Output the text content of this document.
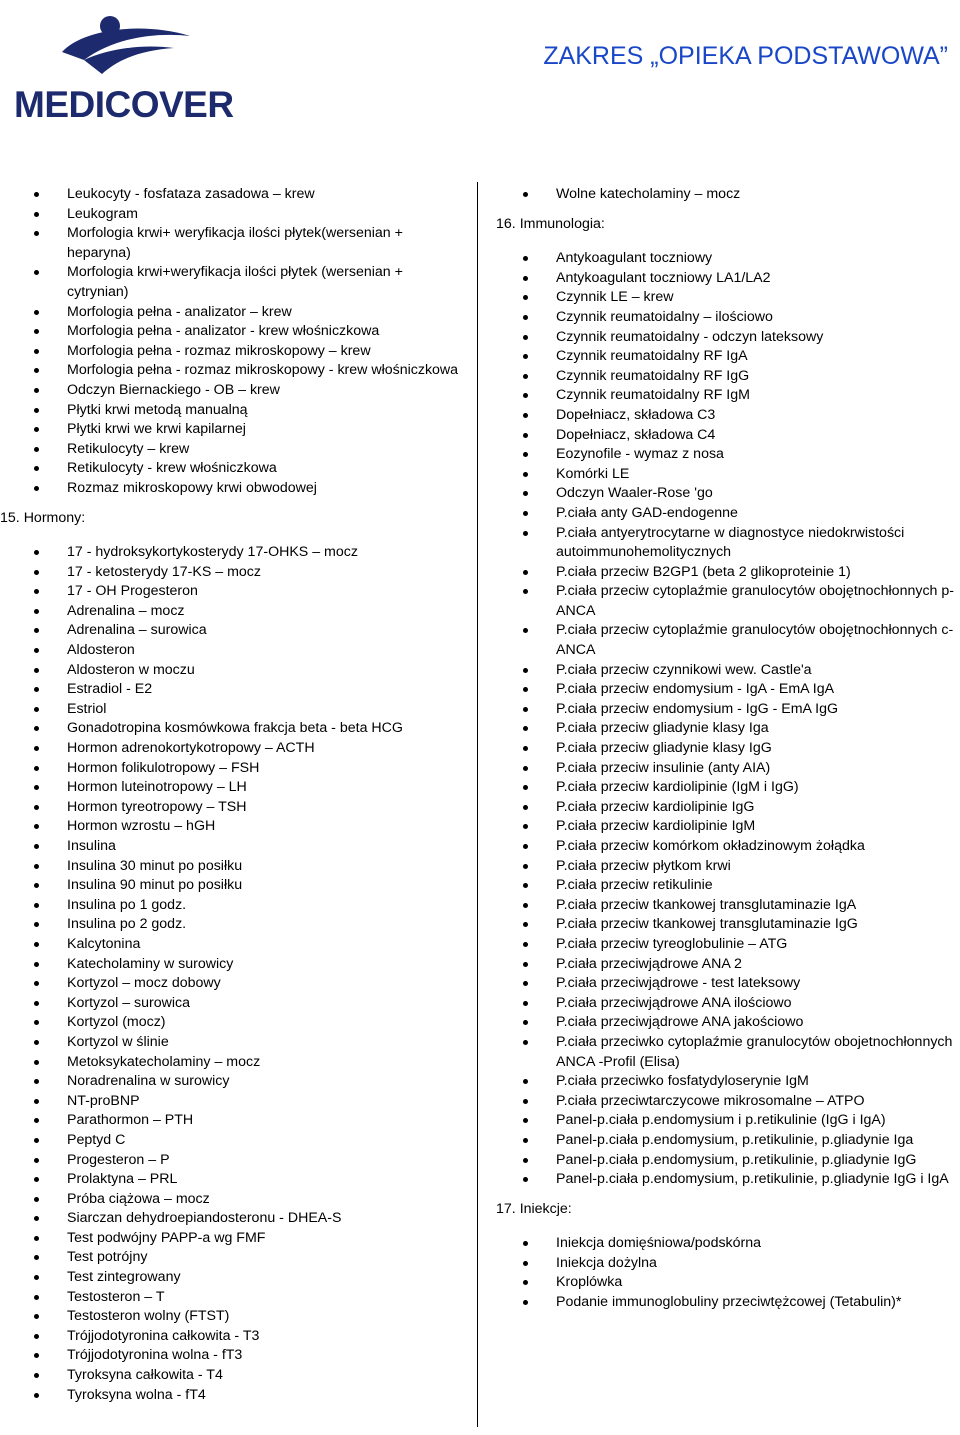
MEDICOVER
ZAKRES „OPIEKA PODSTAWOWA”
Leukocyty - fosfataza zasadowa – krew
Leukogram
Morfologia krwi+ weryfikacja ilości płytek(wersenian + heparyna)
Morfologia krwi+weryfikacja ilości płytek (wersenian + cytrynian)
Morfologia pełna - analizator – krew
Morfologia pełna - analizator - krew włośniczkowa
Morfologia pełna - rozmaz mikroskopowy – krew
Morfologia pełna - rozmaz mikroskopowy - krew włośniczkowa
Odczyn Biernackiego - OB – krew
Płytki krwi metodą manualną
Płytki krwi we krwi kapilarnej
Retikulocyty – krew
Retikulocyty - krew włośniczkowa
Rozmaz mikroskopowy krwi obwodowej
15. Hormony:
17 - hydroksykortykosterydy 17-OHKS – mocz
17 - ketosterydy 17-KS – mocz
17 - OH Progesteron
Adrenalina – mocz
Adrenalina – surowica
Aldosteron
Aldosteron w moczu
Estradiol - E2
Estriol
Gonadotropina kosmówkowa frakcja beta - beta HCG
Hormon adrenokortykotropowy – ACTH
Hormon folikulotropowy – FSH
Hormon luteinotropowy – LH
Hormon tyreotropowy – TSH
Hormon wzrostu – hGH
Insulina
Insulina 30 minut po posiłku
Insulina 90 minut po posiłku
Insulina po 1 godz.
Insulina po 2 godz.
Kalcytonina
Katecholaminy w surowicy
Kortyzol – mocz dobowy
Kortyzol – surowica
Kortyzol (mocz)
Kortyzol w ślinie
Metoksykatecholaminy – mocz
Noradrenalina w surowicy
NT-proBNP
Parathormon – PTH
Peptyd C
Progesteron – P
Prolaktyna – PRL
Próba ciążowa – mocz
Siarczan dehydroepiandosteronu - DHEA-S
Test podwójny PAPP-a wg FMF
Test potrójny
Test zintegrowany
Testosteron – T
Testosteron wolny (FTST)
Trójjodotyronina całkowita - T3
Trójjodotyronina wolna - fT3
Tyroksyna całkowita - T4
Tyroksyna wolna - fT4
Wolne katecholaminy – mocz
16. Immunologia:
Antykoagulant toczniowy
Antykoagulant toczniowy LA1/LA2
Czynnik LE – krew
Czynnik reumatoidalny – ilościowo
Czynnik reumatoidalny - odczyn lateksowy
Czynnik reumatoidalny RF IgA
Czynnik reumatoidalny RF IgG
Czynnik reumatoidalny RF IgM
Dopełniacz, składowa C3
Dopełniacz, składowa C4
Eozynofile - wymaz z nosa
Komórki LE
Odczyn Waaler-Rose 'go
P.ciała anty GAD-endogenne
P.ciała antyerytrocytarne w diagnostyce niedokrwistości autoimmunohemolitycznych
P.ciała przeciw B2GP1 (beta 2 glikoproteinie 1)
P.ciała przeciw cytoplaźmie granulocytów obojętnochłonnych p-ANCA
P.ciała przeciw cytoplaźmie granulocytów obojętnochłonnych c-ANCA
P.ciała przeciw czynnikowi wew. Castle'a
P.ciała przeciw endomysium - IgA - EmA IgA
P.ciała przeciw endomysium - IgG - EmA IgG
P.ciała przeciw gliadynie klasy Iga
P.ciała przeciw gliadynie klasy IgG
P.ciała przeciw insulinie (anty AIA)
P.ciała przeciw kardiolipinie (IgM i IgG)
P.ciała przeciw kardiolipinie IgG
P.ciała przeciw kardiolipinie IgM
P.ciała przeciw komórkom okładzinowym żołądka
P.ciała przeciw płytkom krwi
P.ciała przeciw retikulinie
P.ciała przeciw tkankowej transglutaminazie IgA
P.ciała przeciw tkankowej transglutaminazie IgG
P.ciała przeciw tyreoglobulinie – ATG
P.ciała przeciwjądrowe ANA 2
P.ciała przeciwjądrowe - test lateksowy
P.ciała przeciwjądrowe ANA ilościowo
P.ciała przeciwjądrowe ANA jakościowo
P.ciała przeciwko cytoplaźmie granulocytów obojetnochłonnych ANCA -Profil (Elisa)
P.ciała przeciwko fosfatydyloserynie IgM
P.ciała przeciwtarczycowe mikrosomalne – ATPO
Panel-p.ciała p.endomysium i p.retikulinie (IgG i IgA)
Panel-p.ciała p.endomysium, p.retikulinie, p.gliadynie Iga
Panel-p.ciała p.endomysium, p.retikulinie, p.gliadynie IgG
Panel-p.ciała p.endomysium, p.retikulinie, p.gliadynie IgG i IgA
17. Iniekcje:
Iniekcja domięśniowa/podskórna
Iniekcja dożylna
Kroplówka
Podanie immunoglobuliny przeciwtężcowej (Tetabulin)*
